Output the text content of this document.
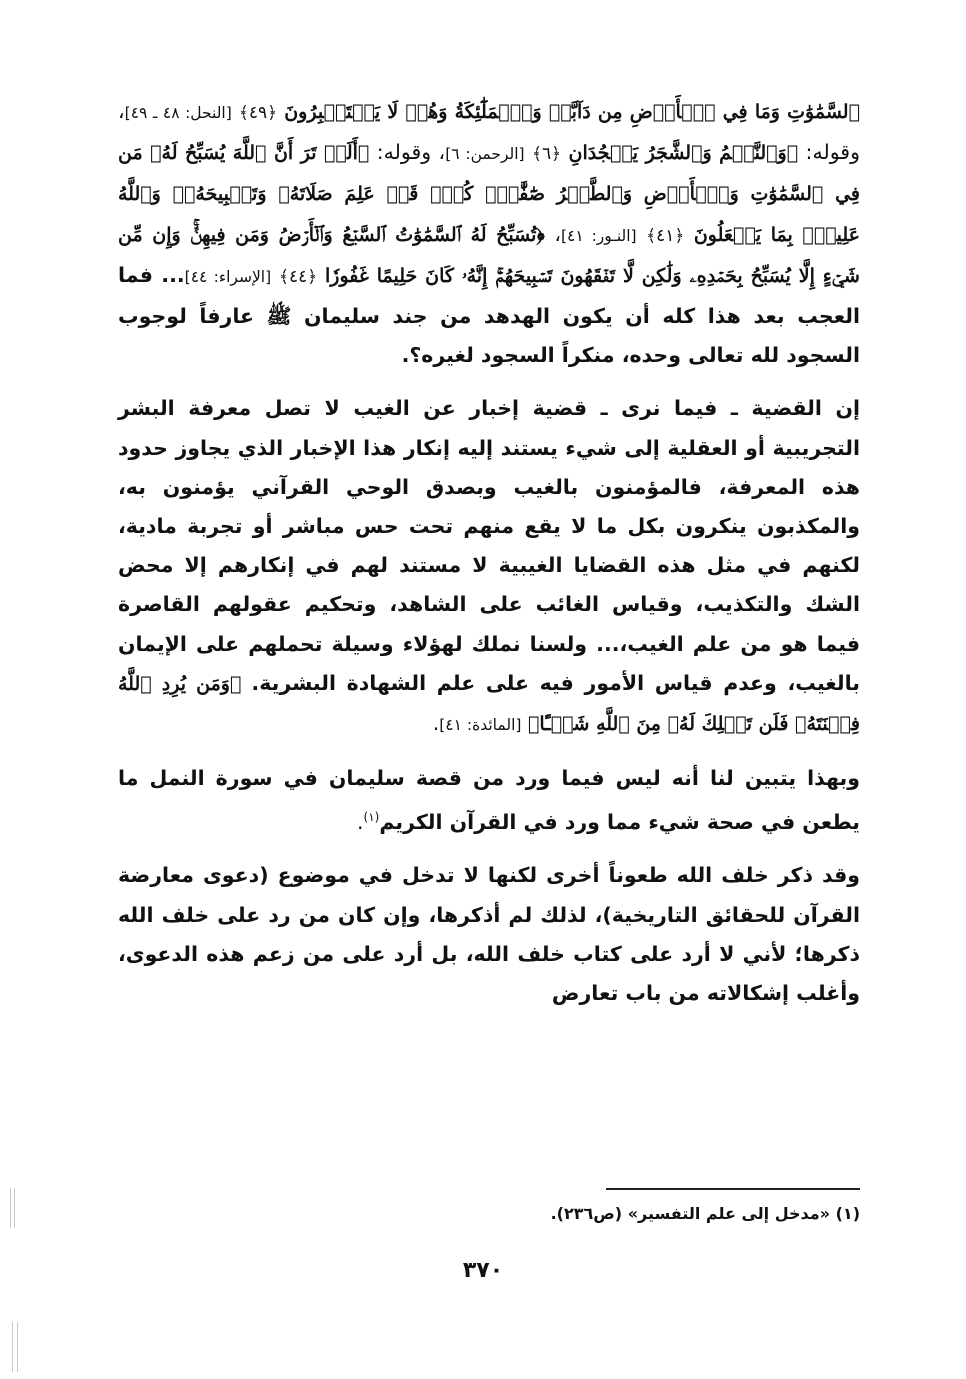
ٱلسَّمَٰوَٰتِ وَمَا فِي ٱلۡأَرۡضِ مِن دَآبَّةٖ وَٱلۡمَلَٰٓئِكَةُ وَهُمۡ لَا يَسۡتَكۡبِرُونَ ﴿٤٩﴾ [النحل: ٤٨ ـ ٤٩]، وقوله: ﴿وَٱلنَّجۡمُ وَٱلشَّجَرُ يَسۡجُدَانِ ﴿٦﴾ [الرحمن: ٦]، وقوله: ﴿أَلَمۡ تَرَ أَنَّ ٱللَّهَ يُسَبِّحُ لَهُۥ مَن فِي ٱلسَّمَٰوَٰتِ وَٱلۡأَرۡضِ وَٱلطَّيۡرُ صَٰٓفَّٰتٖۖ كُلّٞ قَدۡ عَلِمَ صَلَاتَهُۥ وَتَسۡبِيحَهُۥۗ وَٱللَّهُ عَلِيمُۢ بِمَا يَفۡعَلُونَ ﴿٤١﴾ [النـور: ٤١]، ﴿تُسَبِّحُ لَهُ ٱلسَّمَٰوَٰتُ ٱلسَّبۡعُ وَٱلۡأَرۡضُ وَمَن فِيهِنَّۚ وَإِن مِّن شَيۡءٍ إِلَّا يُسَبِّحُ بِحَمۡدِهِۦ وَلَٰكِن لَّا تَفۡقَهُونَ تَسۡبِيحَهُمۡۚ إِنَّهُۥ كَانَ حَلِيمًا غَفُورٗا ﴿٤٤﴾ [الإسراء: ٤٤]... فما العجب بعد هذا كله أن يكون الهدهد من جند سليمان ﷺ عارفاً لوجوب السجود لله تعالى وحده، منكراً السجود لغيره؟.

إن القضية ـ فيما نرى ـ قضية إخبار عن الغيب لا تصل معرفة البشر التجريبية أو العقلية إلى شيء يستند إليه إنكار هذا الإخبار الذي يجاوز حدود هذه المعرفة، فالمؤمنون بالغيب وبصدق الوحي القرآني يؤمنون به، والمكذبون ينكرون بكل ما لا يقع منهم تحت حس مباشر أو تجربة مادية، لكنهم في مثل هذه القضايا الغيبية لا مستند لهم في إنكارهم إلا محض الشك والتكذيب، وقياس الغائب على الشاهد، وتحكيم عقولهم القاصرة فيما هو من علم الغيب،... ولسنا نملك لهؤلاء وسيلة تحملهم على الإيمان بالغيب، وعدم قياس الأمور فيه على علم الشهادة البشرية. ﴿وَمَن يُرِدِ ٱللَّهُ فِتۡنَتَهُۥ فَلَن تَمۡلِكَ لَهُۥ مِنَ ٱللَّهِ شَيۡـًٔا﴾ [المائدة: ٤١].

وبهذا يتبين لنا أنه ليس فيما ورد من قصة سليمان في سورة النمل ما يطعن في صحة شيء مما ورد في القرآن الكريم$^{(١)}$.

وقد ذكر خلف الله طعوناً أخرى لكنها لا تدخل في موضوع (دعوى معارضة القرآن للحقائق التاريخية)، لذلك لم أذكرها، وإن كان من رد على خلف الله ذكرها؛ لأني لا أرد على كتاب خلف الله، بل أرد على من زعم هذه الدعوى، وأغلب إشكالاته من باب تعارض

(١) «مدخل إلى علم التفسير» (ص٢٣٦).
٣٧٠
